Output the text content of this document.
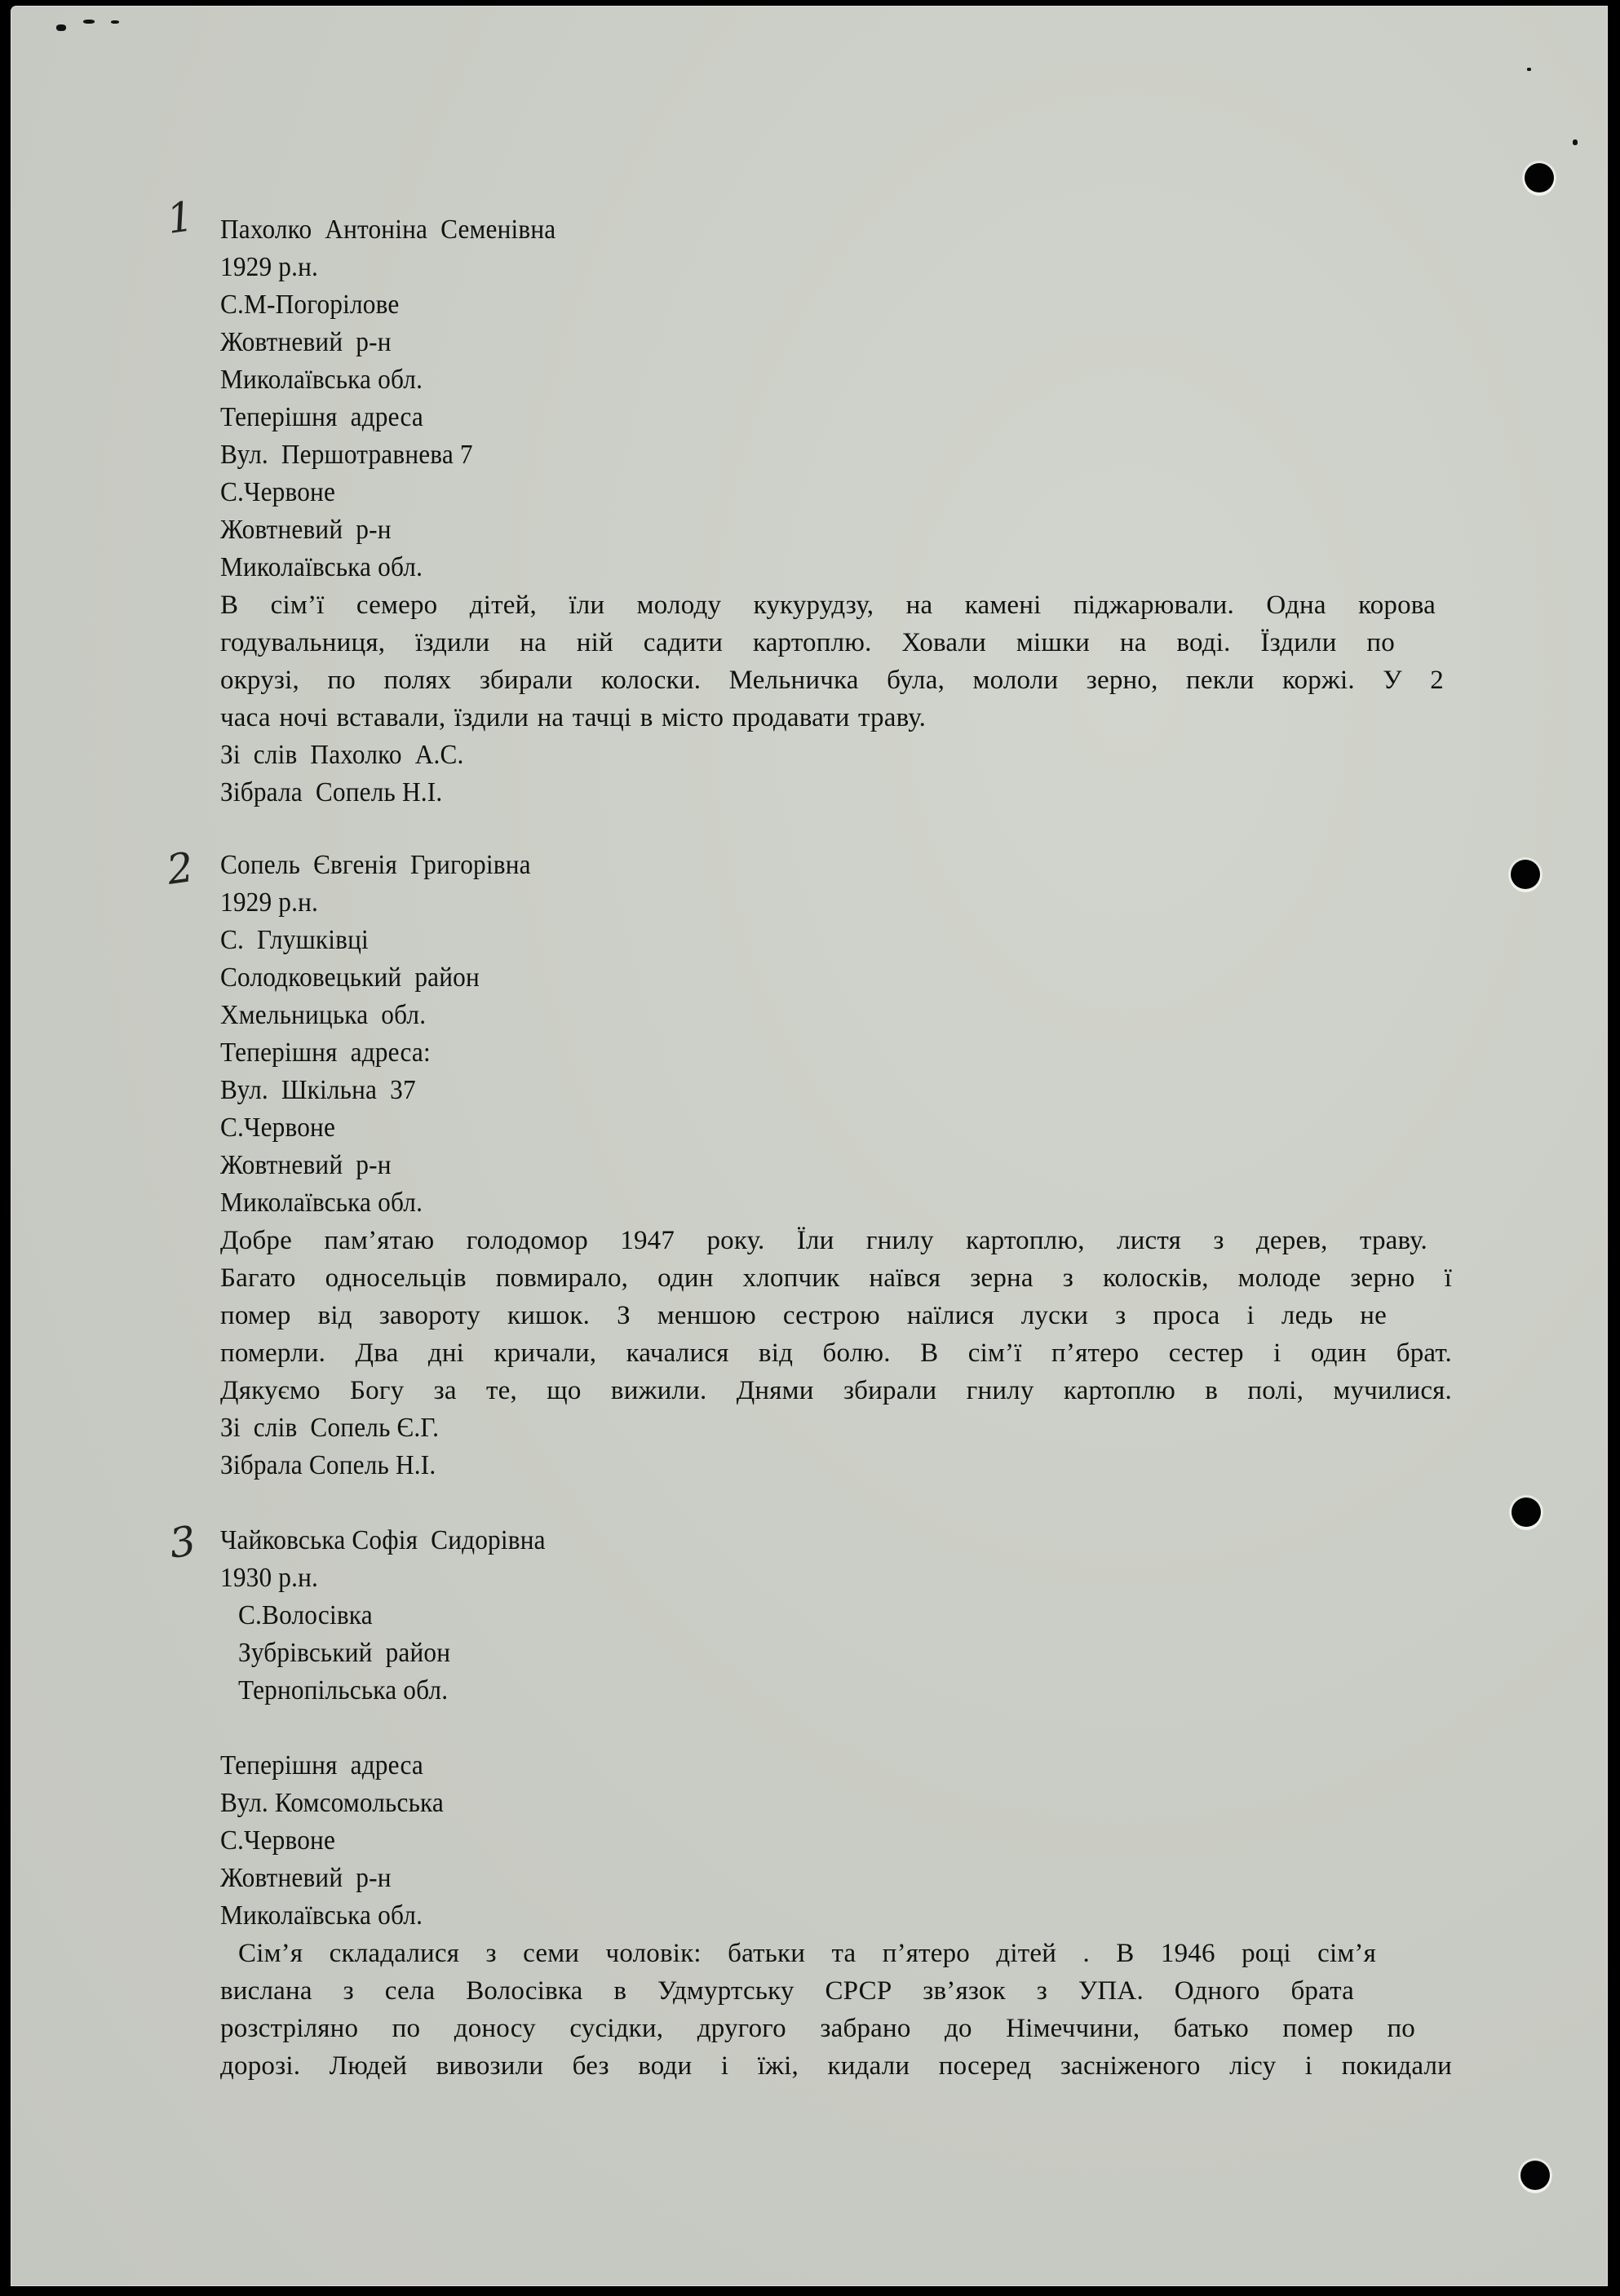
1 Пахолко  Антоніна  Семенівна
1929 р.н.
С.М-Погорілове
Жовтневий  р-н
Миколаївська обл.
Теперішня  адреса
Вул.  Першотравнева 7
С.Червоне
Жовтневий  р-н
Миколаївська обл.
В сім’ї семеро дітей, їли молоду кукурудзу, на камені піджарювали. Одна корова
годувальниця, їздили на ній садити картоплю. Ховали мішки на воді. Їздили по
окрузі, по полях збирали колоски. Мельничка була, мололи зерно, пекли коржі. У 2
часа ночі вставали, їздили на тачці в місто продавати траву.
Зі  слів  Пахолко  А.С.
Зібрала  Сопель Н.І.
2 Сопель  Євгенія  Григорівна
1929 р.н.
С.  Глушківці
Солодковецький  район
Хмельницька  обл.
Теперішня  адреса:
Вул.  Шкільна  37
С.Червоне
Жовтневий  р-н
Миколаївська обл.
Добре пам’ятаю голодомор 1947 року. Їли гнилу картоплю, листя з дерев, траву.
Багато односельців повмирало, один хлопчик наївся зерна з колосків, молоде зерно ї
помер від завороту кишок. З меншою сестрою наїлися луски з проса і ледь не
померли. Два дні кричали, качалися від болю. В сім’ї п’ятеро сестер і один брат.
Дякуємо Богу за те, що вижили. Днями збирали гнилу картоплю в полі, мучилися.
Зі  слів  Сопель Є.Г.
Зібрала Сопель Н.І.
3 Чайковська Софія  Сидорівна
1930 р.н.
С.Волосівка
Зубрівський  район
Тернопільська обл.
Теперішня  адреса
Вул. Комсомольська
С.Червоне
Жовтневий  р-н
Миколаївська обл.
Сім’я складалися з семи чоловік: батьки та п’ятеро дітей . В 1946 році сім’я
вислана з села Волосівка в Удмуртську СРСР зв’язок з УПА. Одного брата
розстріляно по доносу сусідки, другого забрано до Німеччини, батько помер по
дорозі. Людей вивозили без води і їжі, кидали посеред засніженого лісу і покидали
